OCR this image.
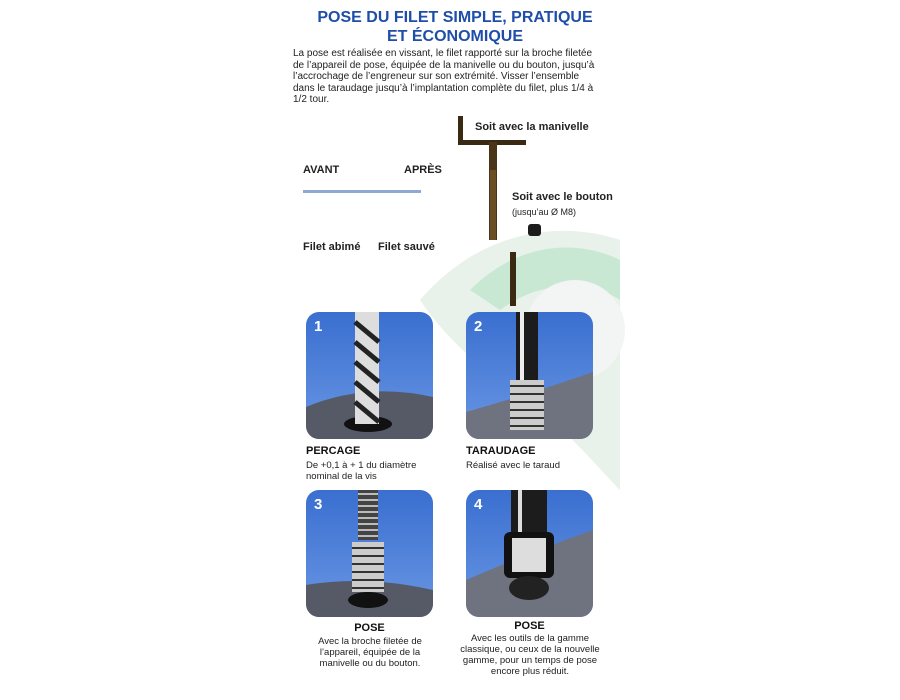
POSE DU FILET SIMPLE, PRATIQUE
ET ÉCONOMIQUE
La pose est réalisée en vissant, le filet rapporté sur la broche filetée de l’appareil de pose, équipée de la manivelle ou du bouton, jusqu’à l’accrochage de l’engreneur sur son extrémité. Visser l’ensemble dans le taraudage jusqu’à l’implantation complète du filet, plus 1/4 à 1/2 tour.
AVANT	APRÈS
Filet abimé Filet sauvé
Soit avec la manivelle
Soit avec le bouton
(jusqu’au Ø M8)
1
PERCAGE
De +0,1 à + 1 du diamètre nominal de la vis
2
TARAUDAGE
Réalisé avec le taraud
3
POSE
Avec la broche filetée de l’appareil, équipée de la manivelle ou du bouton.
4
POSE
Avec les outils de la gamme classique, ou ceux de la nouvelle gamme, pour un temps de pose encore plus réduit.
